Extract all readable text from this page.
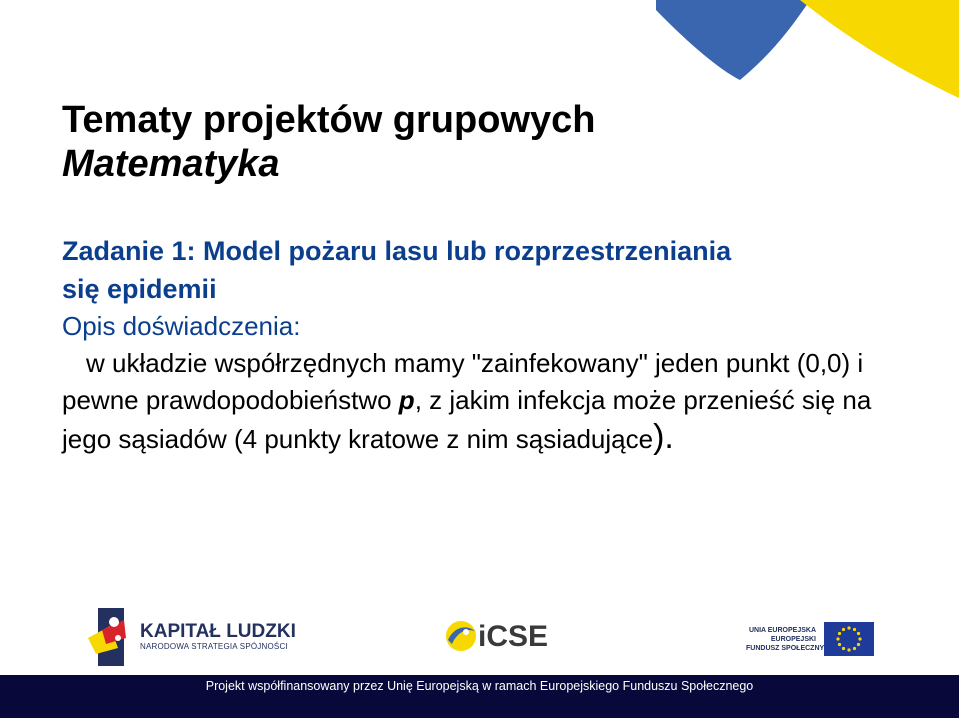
Tematy projektów grupowych

Matematyka

Zadanie 1: Model pożaru lasu lub rozprzestrzeniania

się epidemii

Opis doświadczenia:

w układzie współrzędnych mamy "zainfekowany" jeden punkt (0,0) i pewne prawdopodobieństwo p, z jakim infekcja może przenieść się na jego sąsiadów (4 punkty kratowe z nim sąsiadujące).

KAPITAŁ LUDZKI

NARODOWA STRATEGIA SPÓJNOŚCI	iCSE	UNIA EUROPEJSKA

EUROPEJSKI

FUNDUSZ SPOŁECZNY

Projekt współfinansowany przez Unię Europejską w ramach Europejskiego Funduszu Społecznego
